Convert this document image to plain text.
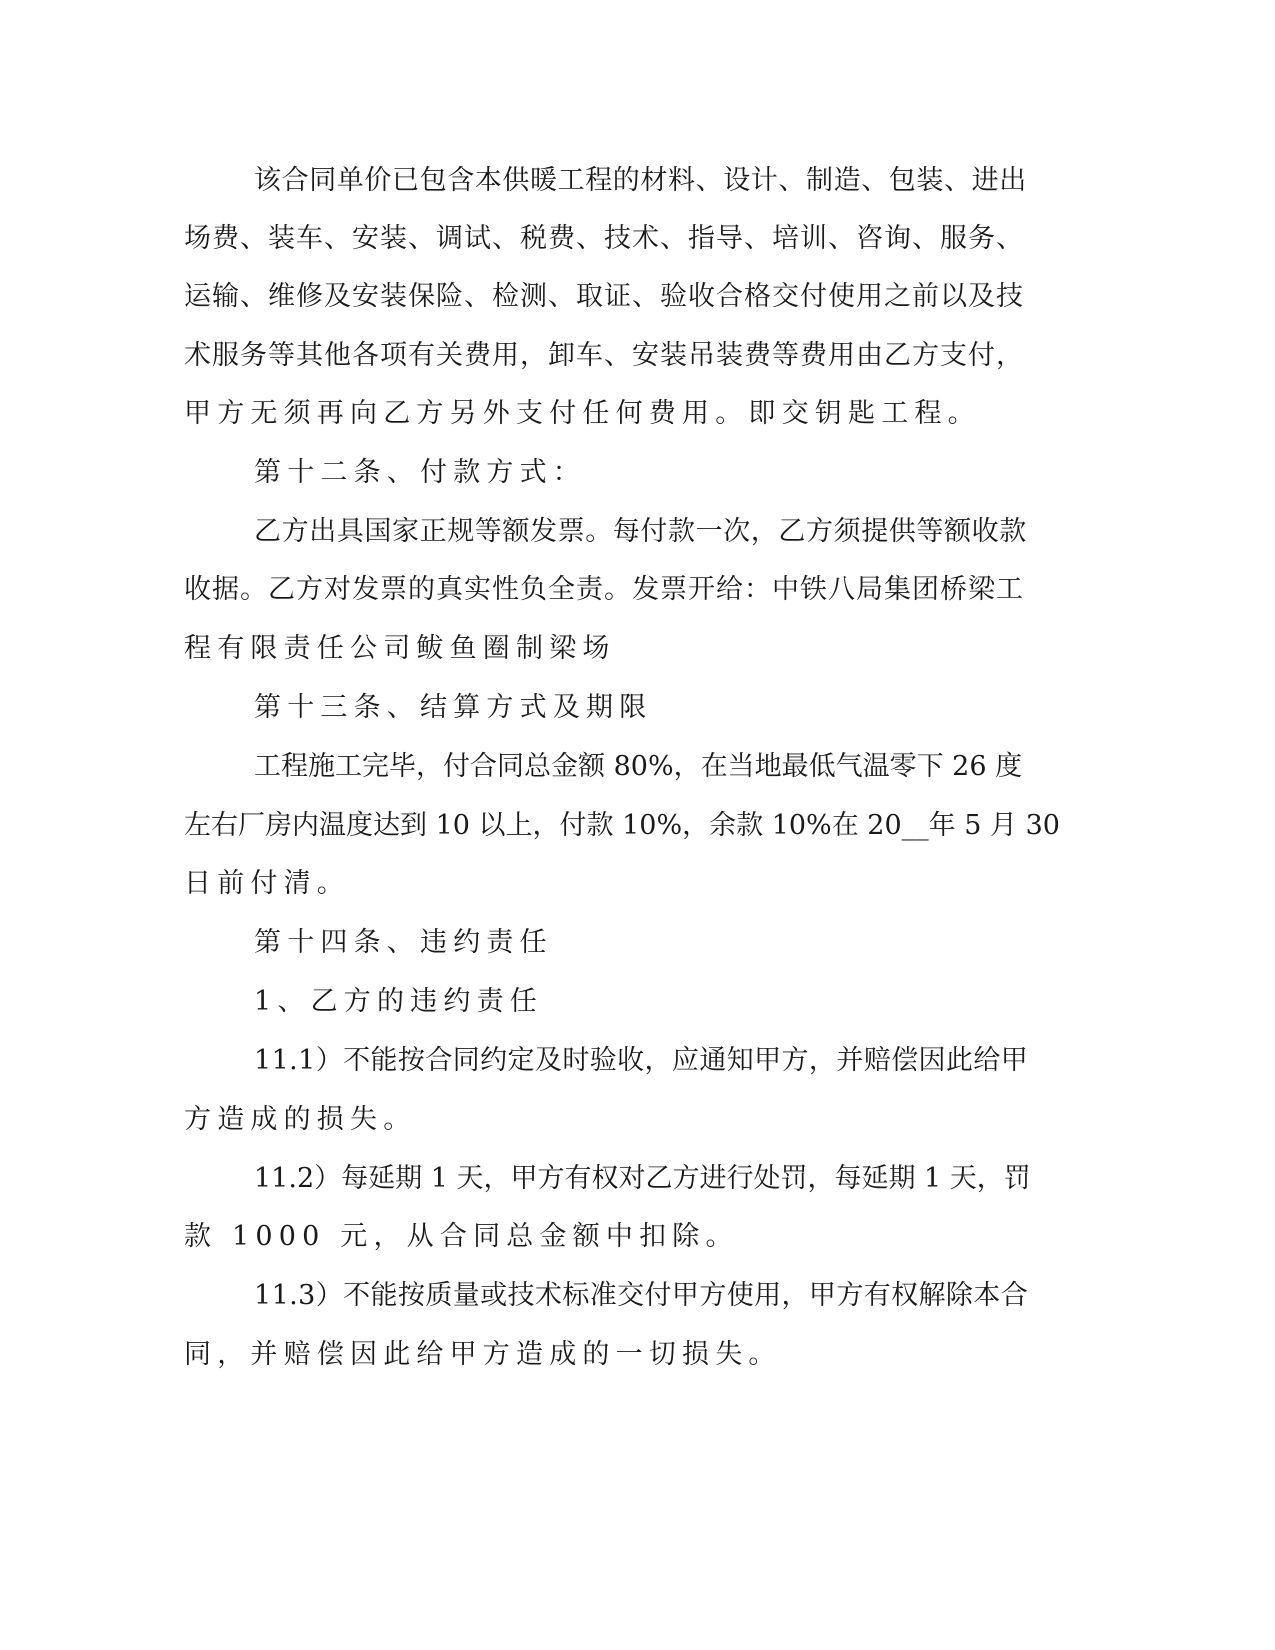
该合同单价已包含本供暖工程的材料、设计、制造、包装、进出
场费、装车、安装、调试、税费、技术、指导、培训、咨询、服务、
运输、维修及安装保险、检测、取证、验收合格交付使用之前以及技
术服务等其他各项有关费用，卸车、安装吊装费等费用由乙方支付，
甲方无须再向乙方另外支付任何费用。即交钥匙工程。
第十二条、付款方式：
乙方出具国家正规等额发票。每付款一次，乙方须提供等额收款
收据。乙方对发票的真实性负全责。发票开给：中铁八局集团桥梁工
程有限责任公司鲅鱼圈制梁场
第十三条、结算方式及期限
工程施工完毕，付合同总金额 80%，在当地最低气温零下 26 度
左右厂房内温度达到 10 以上，付款 10%，余款 10%在 20__年 5 月 30
日前付清。
第十四条、违约责任
1、乙方的违约责任
11.1）不能按合同约定及时验收，应通知甲方，并赔偿因此给甲
方造成的损失。
11.2）每延期 1 天，甲方有权对乙方进行处罚，每延期 1 天，罚
款 1000 元，从合同总金额中扣除。
11.3）不能按质量或技术标准交付甲方使用，甲方有权解除本合
同，并赔偿因此给甲方造成的一切损失。
